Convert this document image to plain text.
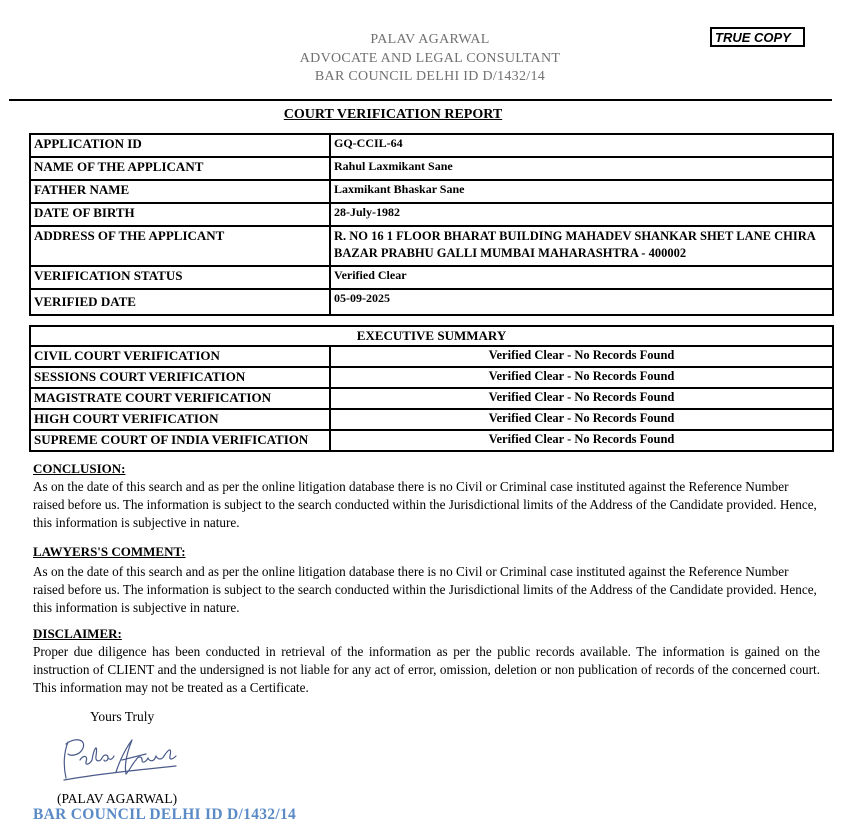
PALAV AGARWAL
ADVOCATE AND LEGAL CONSULTANT
BAR COUNCIL DELHI ID D/1432/14
TRUE COPY
COURT VERIFICATION REPORT
APPLICATION ID	GQ-CCIL-64
NAME OF THE APPLICANT	Rahul Laxmikant Sane
FATHER NAME	Laxmikant Bhaskar Sane
DATE OF BIRTH	28-July-1982
ADDRESS OF THE APPLICANT	R. NO 16 1 FLOOR BHARAT BUILDING MAHADEV SHANKAR SHET LANE CHIRA BAZAR PRABHU GALLI MUMBAI MAHARASHTRA - 400002
VERIFICATION STATUS	Verified Clear
VERIFIED DATE	05-09-2025
EXECUTIVE SUMMARY	
CIVIL COURT VERIFICATION	Verified Clear - No Records Found
SESSIONS COURT VERIFICATION	Verified Clear - No Records Found
MAGISTRATE COURT VERIFICATION	Verified Clear - No Records Found
HIGH COURT VERIFICATION	Verified Clear - No Records Found
SUPREME COURT OF INDIA VERIFICATION	Verified Clear - No Records Found
CONCLUSION:
As on the date of this search and as per the online litigation database there is no Civil or Criminal case instituted against the Reference Number raised before us. The information is subject to the search conducted within the Jurisdictional limits of the Address of the Candidate provided. Hence, this information is subjective in nature.
LAWYERS'S COMMENT:
As on the date of this search and as per the online litigation database there is no Civil or Criminal case instituted against the Reference Number raised before us. The information is subject to the search conducted within the Jurisdictional limits of the Address of the Candidate provided. Hence, this information is subjective in nature.
DISCLAIMER:
Proper due diligence has been conducted in retrieval of the information as per the public records available. The information is gained on the instruction of CLIENT and the undersigned is not liable for any act of error, omission, deletion or non publication of records of the concerned court. This information may not be treated as a Certificate.
Yours Truly
(PALAV AGARWAL)
BAR COUNCIL DELHI ID D/1432/14
